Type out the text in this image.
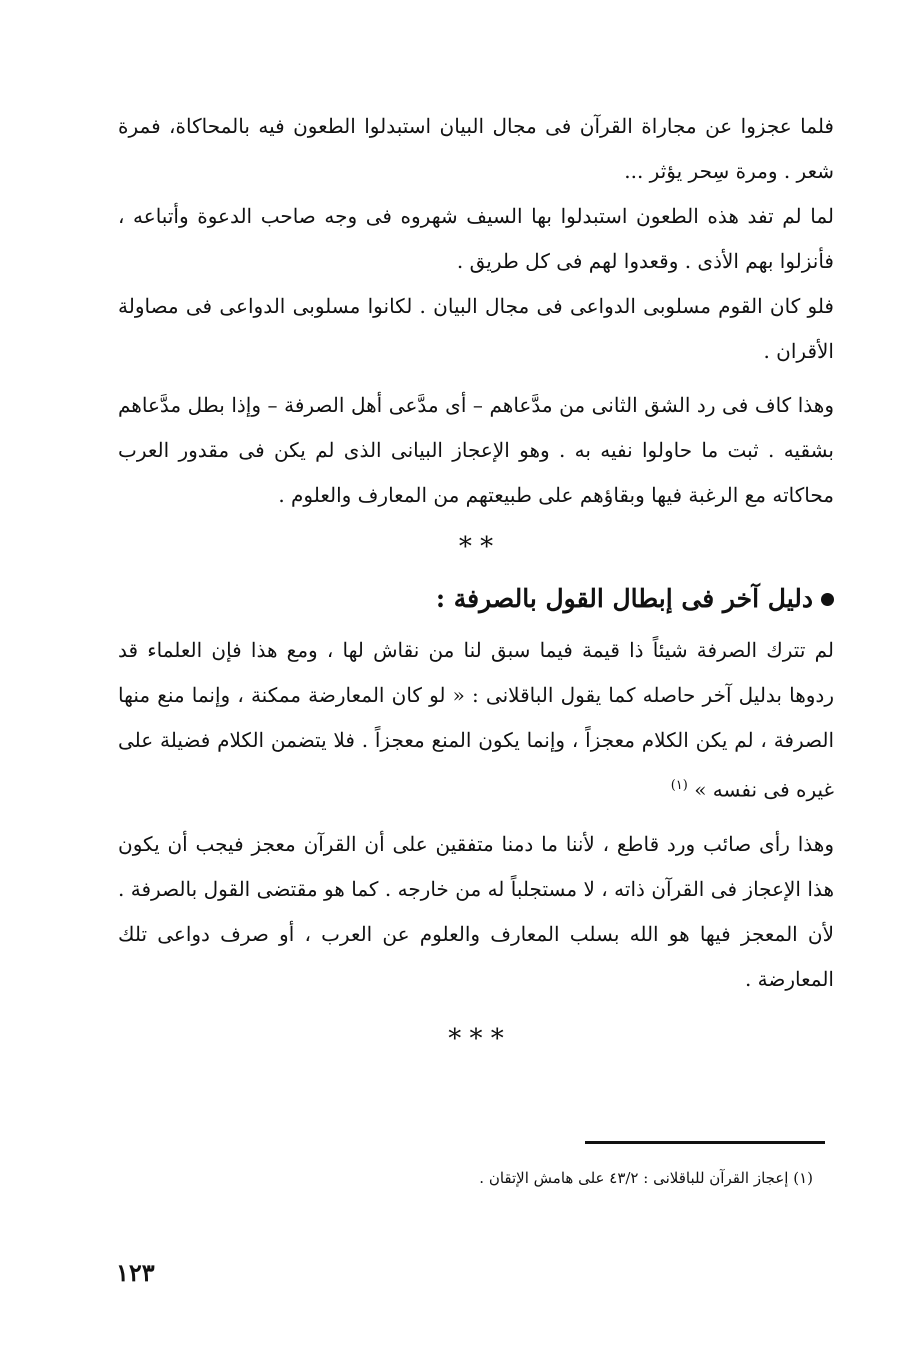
فلما عجزوا عن مجاراة القرآن فى مجال البيان استبدلوا الطعون فيه بالمحاكاة، فمرة شعر . ومرة سِحر يؤثر ...

لما لم تفد هذه الطعون استبدلوا بها السيف شهروه فى وجه صاحب الدعوة وأتباعه ، فأنزلوا بهم الأذى . وقعدوا لهم فى كل طريق .

فلو كان القوم مسلوبى الدواعى فى مجال البيان . لكانوا مسلوبى الدواعى فى مصاولة الأقران .

وهذا كاف فى رد الشق الثانى من مدَّعاهم – أى مدَّعى أهل الصرفة – وإذا بطل مدَّعاهم بشقيه . ثبت ما حاولوا نفيه به . وهو الإعجاز البيانى الذى لم يكن فى مقدور العرب محاكاته مع الرغبة فيها وبقاؤهم على طبيعتهم من المعارف والعلوم .

* *
دليل آخر فى إبطال القول بالصرفة :

لم تترك الصرفة شيئاً ذا قيمة فيما سبق لنا من نقاش لها ، ومع هذا فإن العلماء قد ردوها بدليل آخر حاصله كما يقول الباقلانى : « لو كان المعارضة ممكنة ، وإنما منع منها الصرفة ، لم يكن الكلام معجزاً ، وإنما يكون المنع معجزاً . فلا يتضمن الكلام فضيلة على غيره فى نفسه » $^{(١)}$

وهذا رأى صائب ورد قاطع ، لأننا ما دمنا متفقين على أن القرآن معجز فيجب أن يكون هذا الإعجاز فى القرآن ذاته ، لا مستجلباً له من خارجه . كما هو مقتضى القول بالصرفة . لأن المعجز فيها هو الله بسلب المعارف والعلوم عن العرب ، أو صرف دواعى تلك المعارضة .

* * *
(١) إعجاز القرآن للباقلانى : ٤٣/٢ على هامش الإتقان .
١٢٣
